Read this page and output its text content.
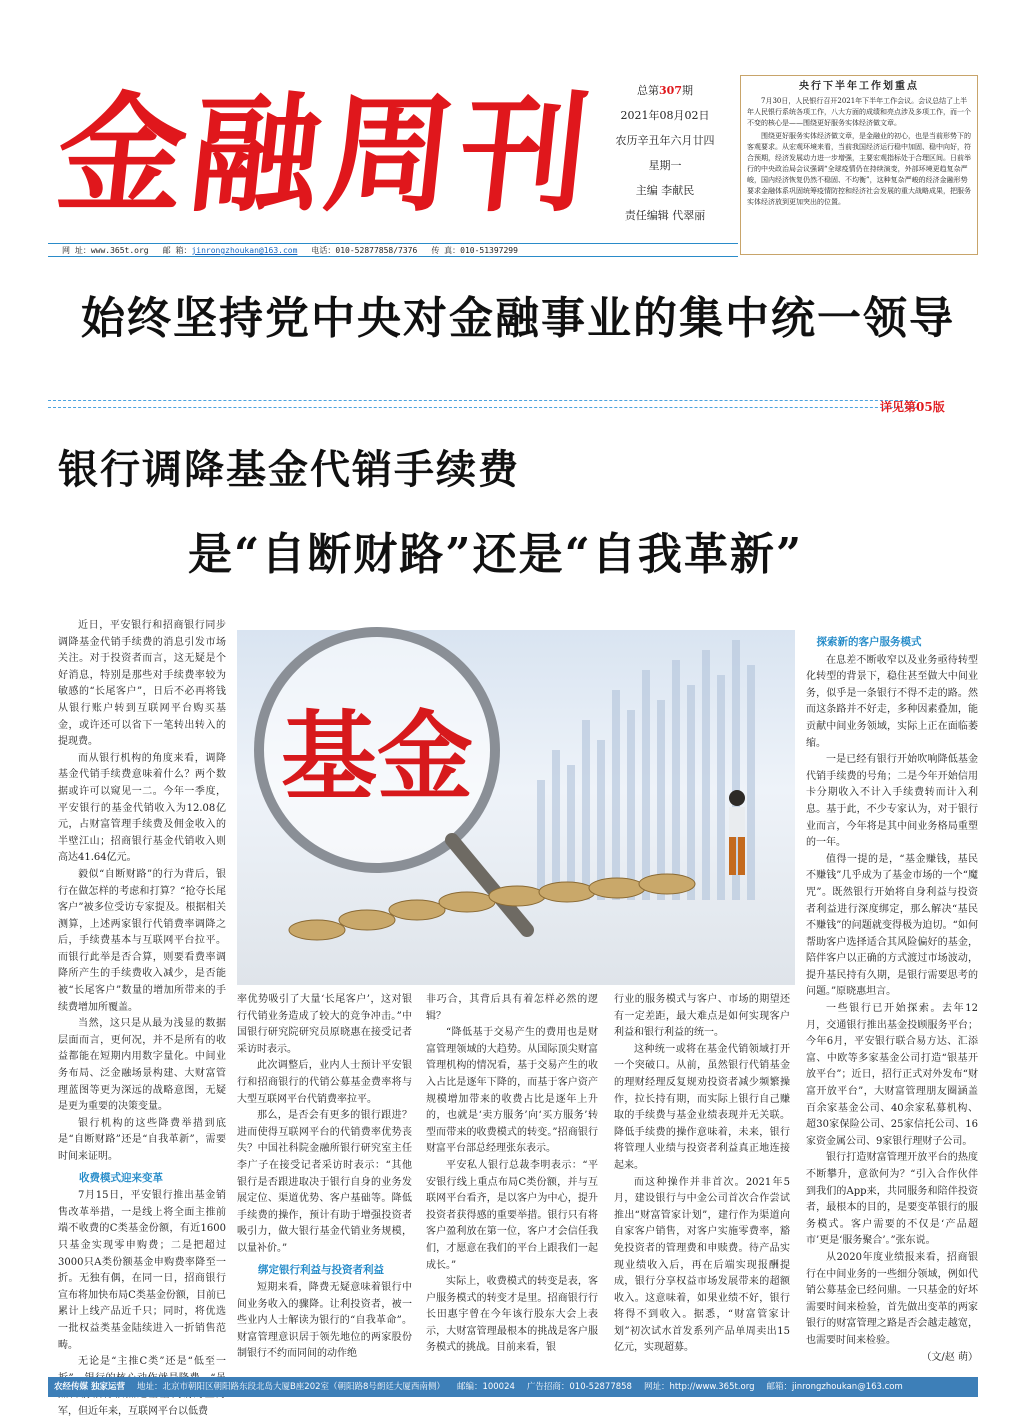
金融周刊	总第307期
2021年08月02日
农历辛丑年六月廿四
星期一
主编 李献民
责任编辑 代翠丽
央行下半年工作划重点

7月30日，人民银行召开2021年下半年工作会议。会议总结了上半年人民银行系统各项工作，八大方面的成绩和亮点涉及多项工作，而一个不变的核心是——围绕更好服务实体经济做文章。

围绕更好服务实体经济做文章，是金融业的初心，也是当前形势下的客观要求。从宏观环境来看，当前我国经济运行稳中加固、稳中向好，符合预期，经济发展动力进一步增强，主要宏观指标处于合理区间。日前举行的中央政治局会议强调“全球疫情仍在持续演变，外部环境更趋复杂严峻，国内经济恢复仍然不稳固、不均衡”，这种复杂严峻的经济金融形势要求金融体系巩固统筹疫情防控和经济社会发展的重大战略成果，把服务实体经济放到更加突出的位置。

网 址：www.365t.org 邮 箱：jinrongzhoukan@163.com 电话：010-52877858/7376 传 真：010-51397299
始终坚持党中央对金融事业的集中统一领导
详见第05版
银行调降基金代销手续费
是“自断财路”还是“自我革新”
基金

近日，平安银行和招商银行同步调降基金代销手续费的消息引发市场关注。对于投资者而言，这无疑是个好消息，特别是那些对手续费率较为敏感的“长尾客户”，日后不必再将钱从银行账户转到互联网平台购买基金，或许还可以省下一笔转出转入的提现费。

而从银行机构的角度来看，调降基金代销手续费意味着什么？两个数据或许可以窥见一二。今年一季度，平安银行的基金代销收入为12.08亿元，占财富管理手续费及佣金收入的半壁江山；招商银行基金代销收入则高达41.64亿元。

毅似“自断财路”的行为背后，银行在做怎样的考虑和打算？“抢夺长尾客户”被多位受访专家提及。根据相关测算，上述两家银行代销费率调降之后，手续费基本与互联网平台拉平。而银行此举是否合算，则要看费率调降所产生的手续费收入减少，是否能被“长尾客户”数量的增加所带来的手续费增加所覆盖。

当然，这只是从最为浅显的数据层面而言，更何况，并不是所有的收益都能在短期内用数字量化。中间业务布局、泛金融场景构建、大财富管理蓝图等更为深远的战略意图，无疑是更为重要的决策变量。

银行机构的这些降费举措到底是“自断财路”还是“自我革新”，需要时间来证明。

收费模式迎来变革

7月15日，平安银行推出基金销售改革举措，一是线上将全面主推前端不收费的C类基金份额，有近1600只基金实现零申购费；二是把超过3000只A类份额基金申购费率降至一折。无独有偶，在同一日，招商银行宣布将加快布局C类基金份额，目前已累计上线产品近千只；同时，将优选一批权益类基金陆续进入一折销售范畴。

无论是“主推C类”还是“低至一 军，但近年来，互联网平台以低费

率优势吸引了大量‘长尾客户’，这对银行代销业务造成了较大的竞争冲击。”中国银行研究院研究员原晓惠在接受记者采访时表示。

此次调整后，业内人士预计平安银行和招商银行的代销公募基金费率将与大型互联网平台代销费率拉平。

那么，是否会有更多的银行跟进？进而使得互联网平台的代销费率优势丧失？中国社科院金融所银行研究室主任李广子在接受记者采访时表示：“其他银行是否跟进取决于银行自身的业务发展定位、渠道优势、客户基础等。降低手续费的操作，预计有助于增强投资者吸引力，做大银行基金代销业务规模，以量补价。”

绑定银行利益与投资者利益

短期来看，降费无疑意味着银行中间业务收入的骤降。让利投资者，被一些业内人士解读为银行的“自我革命”。财富管理意识居于领先地位的两家股份制银行不约而同间的动作绝

非巧合，其背后具有着怎样必然的逻辑？

“降低基于交易产生的费用也是财富管理领域的大趋势。从国际顶尖财富管理机构的情况看，基于交易产生的收入占比是逐年下降的，而基于客户资产规模增加带来的收费占比是逐年上升的，也就是‘卖方服务’向‘买方服务’转型而带来的收费模式的转变。”招商银行财富平台部总经理张东表示。

平安私人银行总裁李明表示：“平安银行线上重点布局C类份额，并与互联网平台看齐，是以客户为中心，提升投资者获得感的重要举措。银行只有将客户盈利放在第一位，客户才会信任我们，才愿意在我们的平台上跟我们一起成长。”

实际上，收费模式的转变是表，客户服务模式的转变才是里。招商银行行长田惠宇曾在今年该行股东大会上表示，大财富管理最根本的挑战是客户服务模式的挑战。目前来看，银

行业的服务模式与客户、市场的期望还有一定差距，最大难点是如何实现客户利益和银行利益的统一。

这种统一或将在基金代销领域打开一个突破口。从前，虽然银行代销基金的理财经理反复规劝投资者减少频繁操作，拉长持有期，而实际上银行自己赚取的手续费与基金业绩表现并无关联。降低手续费的操作意味着，未来，银行将管理人业绩与投资者利益真正地连接起来。

而这种操作并非首次。2021年5月，建设银行与中金公司首次合作尝试推出“财富管家计划”，建行作为渠道向自家客户销售，对客户实施零费率，豁免投资者的管理费和申赎费。待产品实现业绩收入后，再在后端实现报酬提成，银行分享权益市场发展带来的超额收入。这意味着，如果业绩不好，银行将得不到收入。据悉，“财富管家计划”初次试水首发系列产品单周卖出15亿元，实现超募。

探索新的客户服务模式

在息差不断收窄以及业务亟待转型化转型的背景下，稳住甚至做大中间业务，似乎是一条银行不得不走的路。然而这条路并不好走，多种因素叠加，能贡献中间业务领域，实际上正在面临萎缩。

一是已经有银行开始吹响降低基金代销手续费的号角；二是今年开始信用卡分期收入不计入手续费转而计入利息。基于此，不少专家认为，对于银行业而言，今年将是其中间业务格局重塑的一年。

值得一提的是，“基金赚钱，基民不赚钱”几乎成为了基金市场的一个“魔咒”。既然银行开始将自身利益与投资者利益进行深度绑定，那么解决“基民不赚钱”的问题就变得极为迫切。“如何帮助客户选择适合其风险偏好的基金，陪伴客户以正确的方式渡过市场波动，提升基民持有久期，是银行需要思考的问题。”原晓惠坦言。

一些银行已开始探索。去年12月，交通银行推出基金投顾服务平台；今年6月，平安银行联合易方达、汇添富、中欧等多家基金公司打造“银基开放平台”；近日，招行正式对外发布“财富开放平台”，大财富管理朋友圈涵盖百余家基金公司、40余家私募机构、超30家保险公司、25家信托公司、16家资金属公司、9家银行理财子公司。

银行打造财富管理开放平台的热度不断攀升，意欲何为？“引入合作伙伴到我们的App来，共同服务和陪伴投资者，最根本的目的，是要变革银行的服务模式。客户需要的不仅是‘产品超市’更是‘服务聚合’。”张东说。

从2020年度业绩报来看，招商银行在中间业务的一些细分领域，例如代销公募基金已经问鼎。一只基金的好坏需要时间来检验，首先做出变革的两家银行的财富管理之路是否会越走越宽，也需要时间来检验。

（文/赵 萌）

农经传媒 独家运营 地址：北京市朝阳区朝阳路东段北岛大厦B座202室（朝阳路8号朗廷大厦西南侧） 邮编：100024 广告招商：010-52877858 网址：http://www.365t.org 邮箱：jinrongzhoukan@163.com
